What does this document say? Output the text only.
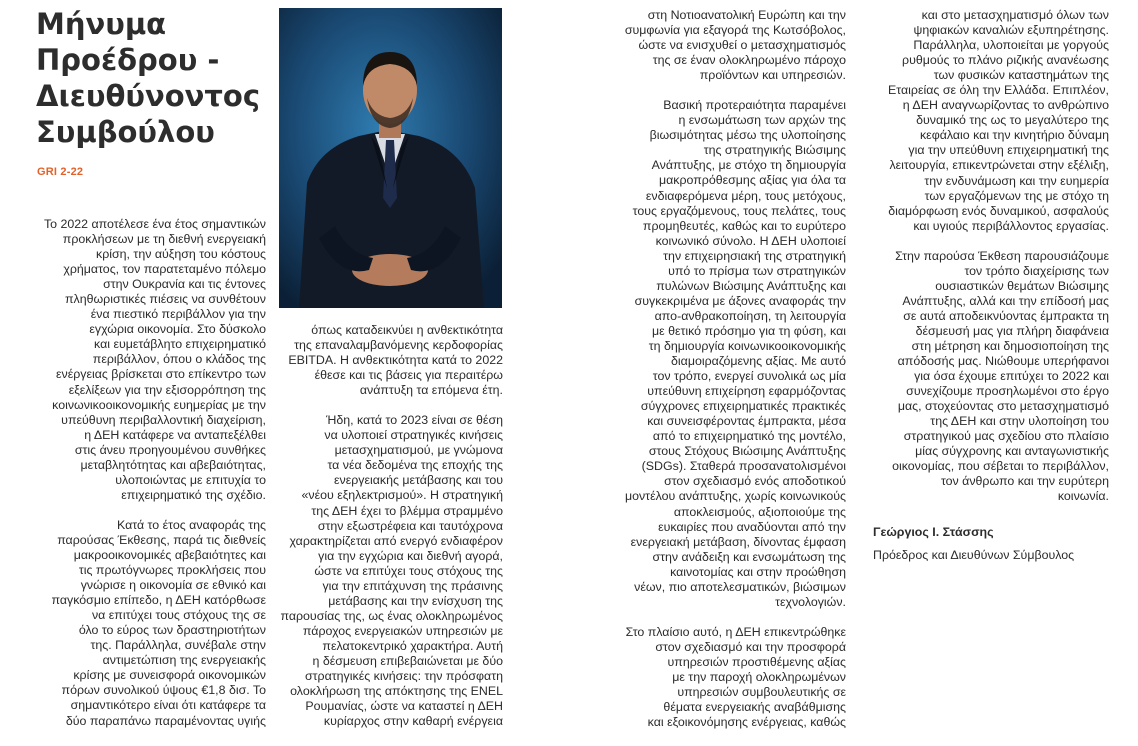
Μήνυμα
Προέδρου -
Διευθύνοντος
Συμβούλου
GRI 2-22

Το 2022 αποτέλεσε ένα έτος σημαντικών
προκλήσεων με τη διεθνή ενεργειακή
κρίση, την αύξηση του κόστους
χρήματος, τον παρατεταμένο πόλεμο
στην Ουκρανία και τις έντονες
πληθωριστικές πιέσεις να συνθέτουν
ένα πιεστικό περιβάλλον για την
εγχώρια οικονομία. Στο δύσκολο
και ευμετάβλητο επιχειρηματικό
περιβάλλον, όπου ο κλάδος της
ενέργειας βρίσκεται στο επίκεντρο των
εξελίξεων για την εξισορρόπηση της
κοινωνικοοικονομικής ευημερίας με την
υπεύθυνη περιβαλλοντική διαχείριση,
η ΔΕΗ κατάφερε να ανταπεξέλθει
στις άνευ προηγουμένου συνθήκες
μεταβλητότητας και αβεβαιότητας,
υλοποιώντας με επιτυχία το
επιχειρηματικό της σχέδιο.

Κατά το έτος αναφοράς της
παρούσας Έκθεσης, παρά τις διεθνείς
μακροοικονομικές αβεβαιότητες και
τις πρωτόγνωρες προκλήσεις που
γνώρισε η οικονομία σε εθνικό και
παγκόσμιο επίπεδο, η ΔΕΗ κατόρθωσε
να επιτύχει τους στόχους της σε
όλο το εύρος των δραστηριοτήτων
της. Παράλληλα, συνέβαλε στην
αντιμετώπιση της ενεργειακής
κρίσης με συνεισφορά οικονομικών
πόρων συνολικού ύψους €1,8 δισ. Το
σημαντικότερο είναι ότι κατάφερε τα
δύο παραπάνω παραμένοντας υγιής

όπως καταδεικνύει η ανθεκτικότητα
της επαναλαμβανόμενης κερδοφορίας
EBITDA. Η ανθεκτικότητα κατά το 2022
έθεσε και τις βάσεις για περαιτέρω
ανάπτυξη τα επόμενα έτη.

Ήδη, κατά το 2023 είναι σε θέση
να υλοποιεί στρατηγικές κινήσεις
μετασχηματισμού, με γνώμονα
τα νέα δεδομένα της εποχής της
ενεργειακής μετάβασης και του
«νέου εξηλεκτρισμού». Η στρατηγική
της ΔΕΗ έχει το βλέμμα στραμμένο
στην εξωστρέφεια και ταυτόχρονα
χαρακτηρίζεται από ενεργό ενδιαφέρον
για την εγχώρια και διεθνή αγορά,
ώστε να επιτύχει τους στόχους της
για την επιτάχυνση της πράσινης
μετάβασης και την ενίσχυση της
παρουσίας της, ως ένας ολοκληρωμένος
πάροχος ενεργειακών υπηρεσιών με
πελατοκεντρικό χαρακτήρα. Αυτή
η δέσμευση επιβεβαιώνεται με δύο
στρατηγικές κινήσεις: την πρόσφατη
ολοκλήρωση της απόκτησης της ENEL
Ρουμανίας, ώστε να καταστεί η ΔΕΗ
κυρίαρχος στην καθαρή ενέργεια

στη Νοτιοανατολική Ευρώπη και την
συμφωνία για εξαγορά της Κωτσόβολος,
ώστε να ενισχυθεί ο μετασχηματισμός
της σε έναν ολοκληρωμένο πάροχο
προϊόντων και υπηρεσιών.

Βασική προτεραιότητα παραμένει
η ενσωμάτωση των αρχών της
βιωσιμότητας μέσω της υλοποίησης
της στρατηγικής Βιώσιμης
Ανάπτυξης, με στόχο τη δημιουργία
μακροπρόθεσμης αξίας για όλα τα
ενδιαφερόμενα μέρη, τους μετόχους,
τους εργαζόμενους, τους πελάτες, τους
προμηθευτές, καθώς και το ευρύτερο
κοινωνικό σύνολο. Η ΔΕΗ υλοποιεί
την επιχειρησιακή της στρατηγική
υπό το πρίσμα των στρατηγικών
πυλώνων Βιώσιμης Ανάπτυξης και
συγκεκριμένα με άξονες αναφοράς την
απο-ανθρακοποίηση, τη λειτουργία
με θετικό πρόσημο για τη φύση, και
τη δημιουργία κοινωνικοοικονομικής
διαμοιραζόμενης αξίας. Με αυτό
τον τρόπο, ενεργεί συνολικά ως μία
υπεύθυνη επιχείρηση εφαρμόζοντας
σύγχρονες επιχειρηματικές πρακτικές
και συνεισφέροντας έμπρακτα, μέσα
από το επιχειρηματικό της μοντέλο,
στους Στόχους Βιώσιμης Ανάπτυξης
(SDGs). Σταθερά προσανατολισμένοι
στον σχεδιασμό ενός αποδοτικού
μοντέλου ανάπτυξης, χωρίς κοινωνικούς
αποκλεισμούς, αξιοποιούμε της
ευκαιρίες που αναδύονται από την
ενεργειακή μετάβαση, δίνοντας έμφαση
στην ανάδειξη και ενσωμάτωση της
καινοτομίας και στην προώθηση
νέων, πιο αποτελεσματικών, βιώσιμων
τεχνολογιών.

Στο πλαίσιο αυτό, η ΔΕΗ επικεντρώθηκε
στον σχεδιασμό και την προσφορά
υπηρεσιών προστιθέμενης αξίας
με την παροχή ολοκληρωμένων
υπηρεσιών συμβουλευτικής σε
θέματα ενεργειακής αναβάθμισης
και εξοικονόμησης ενέργειας, καθώς

και στο μετασχηματισμό όλων των
ψηφιακών καναλιών εξυπηρέτησης.
Παράλληλα, υλοποιείται με γοργούς
ρυθμούς το πλάνο ριζικής ανανέωσης
των φυσικών καταστημάτων της
Εταιρείας σε όλη την Ελλάδα. Επιπλέον,
η ΔΕΗ αναγνωρίζοντας το ανθρώπινο
δυναμικό της ως το μεγαλύτερο της
κεφάλαιο και την κινητήριο δύναμη
για την υπεύθυνη επιχειρηματική της
λειτουργία, επικεντρώνεται στην εξέλιξη,
την ενδυνάμωση και την ευημερία
των εργαζόμενων της με στόχο τη
διαμόρφωση ενός δυναμικού, ασφαλούς
και υγιούς περιβάλλοντος εργασίας.

Στην παρούσα Έκθεση παρουσιάζουμε
τον τρόπο διαχείρισης των
ουσιαστικών θεμάτων Βιώσιμης
Ανάπτυξης, αλλά και την επίδοσή μας
σε αυτά αποδεικνύοντας έμπρακτα τη
δέσμευσή μας για πλήρη διαφάνεια
στη μέτρηση και δημοσιοποίηση της
απόδοσής μας. Νιώθουμε υπερήφανοι
για όσα έχουμε επιτύχει το 2022 και
συνεχίζουμε προσηλωμένοι στο έργο
μας, στοχεύοντας στο μετασχηματισμό
της ΔΕΗ και στην υλοποίηση του
στρατηγικού μας σχεδίου στο πλαίσιο
μίας σύγχρονης και ανταγωνιστικής
οικονομίας, που σέβεται το περιβάλλον,
τον άνθρωπο και την ευρύτερη
κοινωνία.

Γεώργιος Ι. Στάσσης
Πρόεδρος και Διευθύνων Σύμβουλος
